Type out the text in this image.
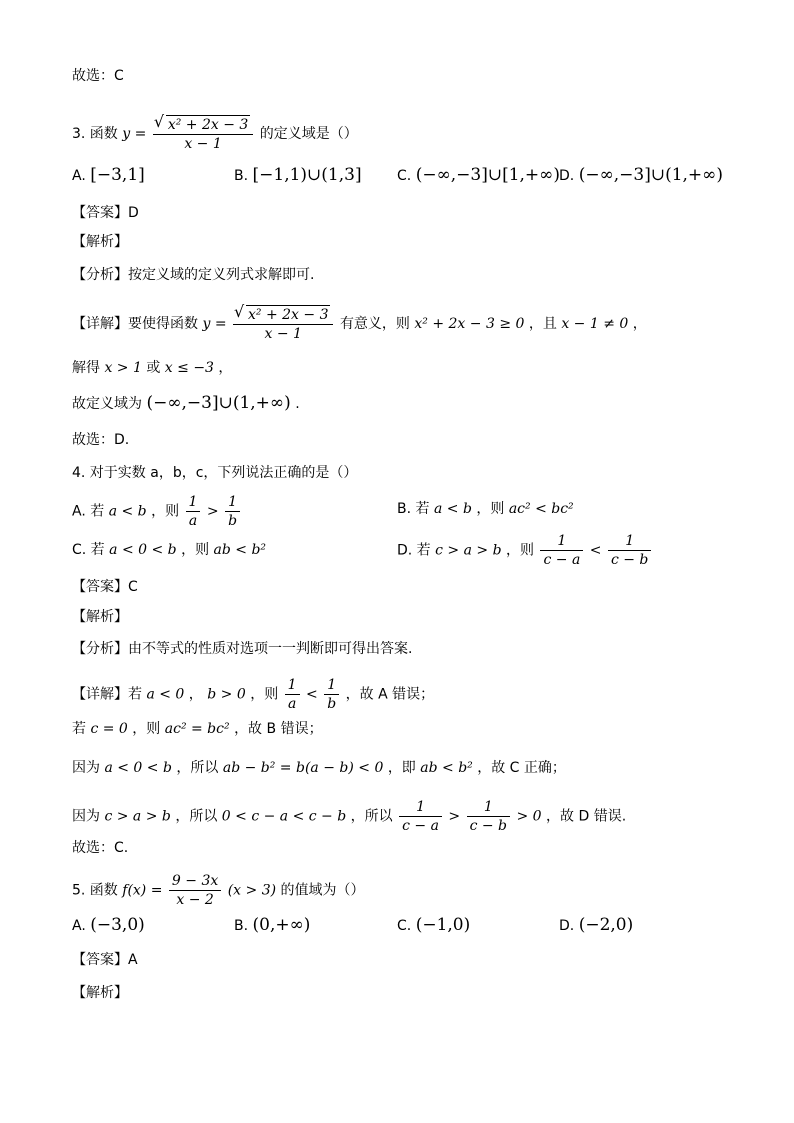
故选：C
3. 函数 y = √ $\frac{\text{x² + 2x − 3}}{x - 1}$ 的定义域是（）
A. [−3,1]	B. [−1,1)∪(1,3]	C. (−∞,−3]∪[1,+∞) D. (−∞,−3]∪(1,+∞)
【答案】D
【解析】
【分析】按定义域的定义列式求解即可.
【详解】要使得函数 y = √ $\frac{\text{x² + 2x − 3}}{x - 1}$ 有意义，则 x² + 2x − 3 ≥ 0 ，且 x − 1 ≠ 0 ，
解得 x > 1 或 x ≤ −3 ，
故定义域为 (−∞,−3]∪(1,+∞) .
故选：D.
4. 对于实数 a，b，c，下列说法正确的是（）
A. 若 a < b ，则 $\frac{1}{a} > \frac{1}{b}$	B. 若 a < b ，则 ac² < bc²
C. 若 a < 0 < b ，则 ab < b²	D. 若 c > a > b ，则 $\frac{1}{c - a} < \frac{1}{c - b}$
【答案】C
【解析】
【分析】由不等式的性质对选项一一判断即可得出答案.
【详解】若 a < 0 ， b > 0 ，则 $\frac{1}{a} < \frac{1}{b}$ ，故 A 错误；
若 c = 0 ，则 ac² = bc² ，故 B 错误；
因为 a < 0 < b ，所以 ab − b² = b(a − b) < 0 ，即 ab < b² ，故 C 正确；
因为 c > a > b ，所以 0 < c − a < c − b ，所以 $\frac{1}{c - a} > \frac{1}{c - b} > 0$ ，故 D 错误.
故选：C.
5. 函数 $f(x) = \frac{9 - 3x}{x - 2} (x > 3)$ 的值域为（）
A. (−3,0)	B. (0,+∞)	C. (−1,0)	D. (−2,0)
【答案】A
【解析】
